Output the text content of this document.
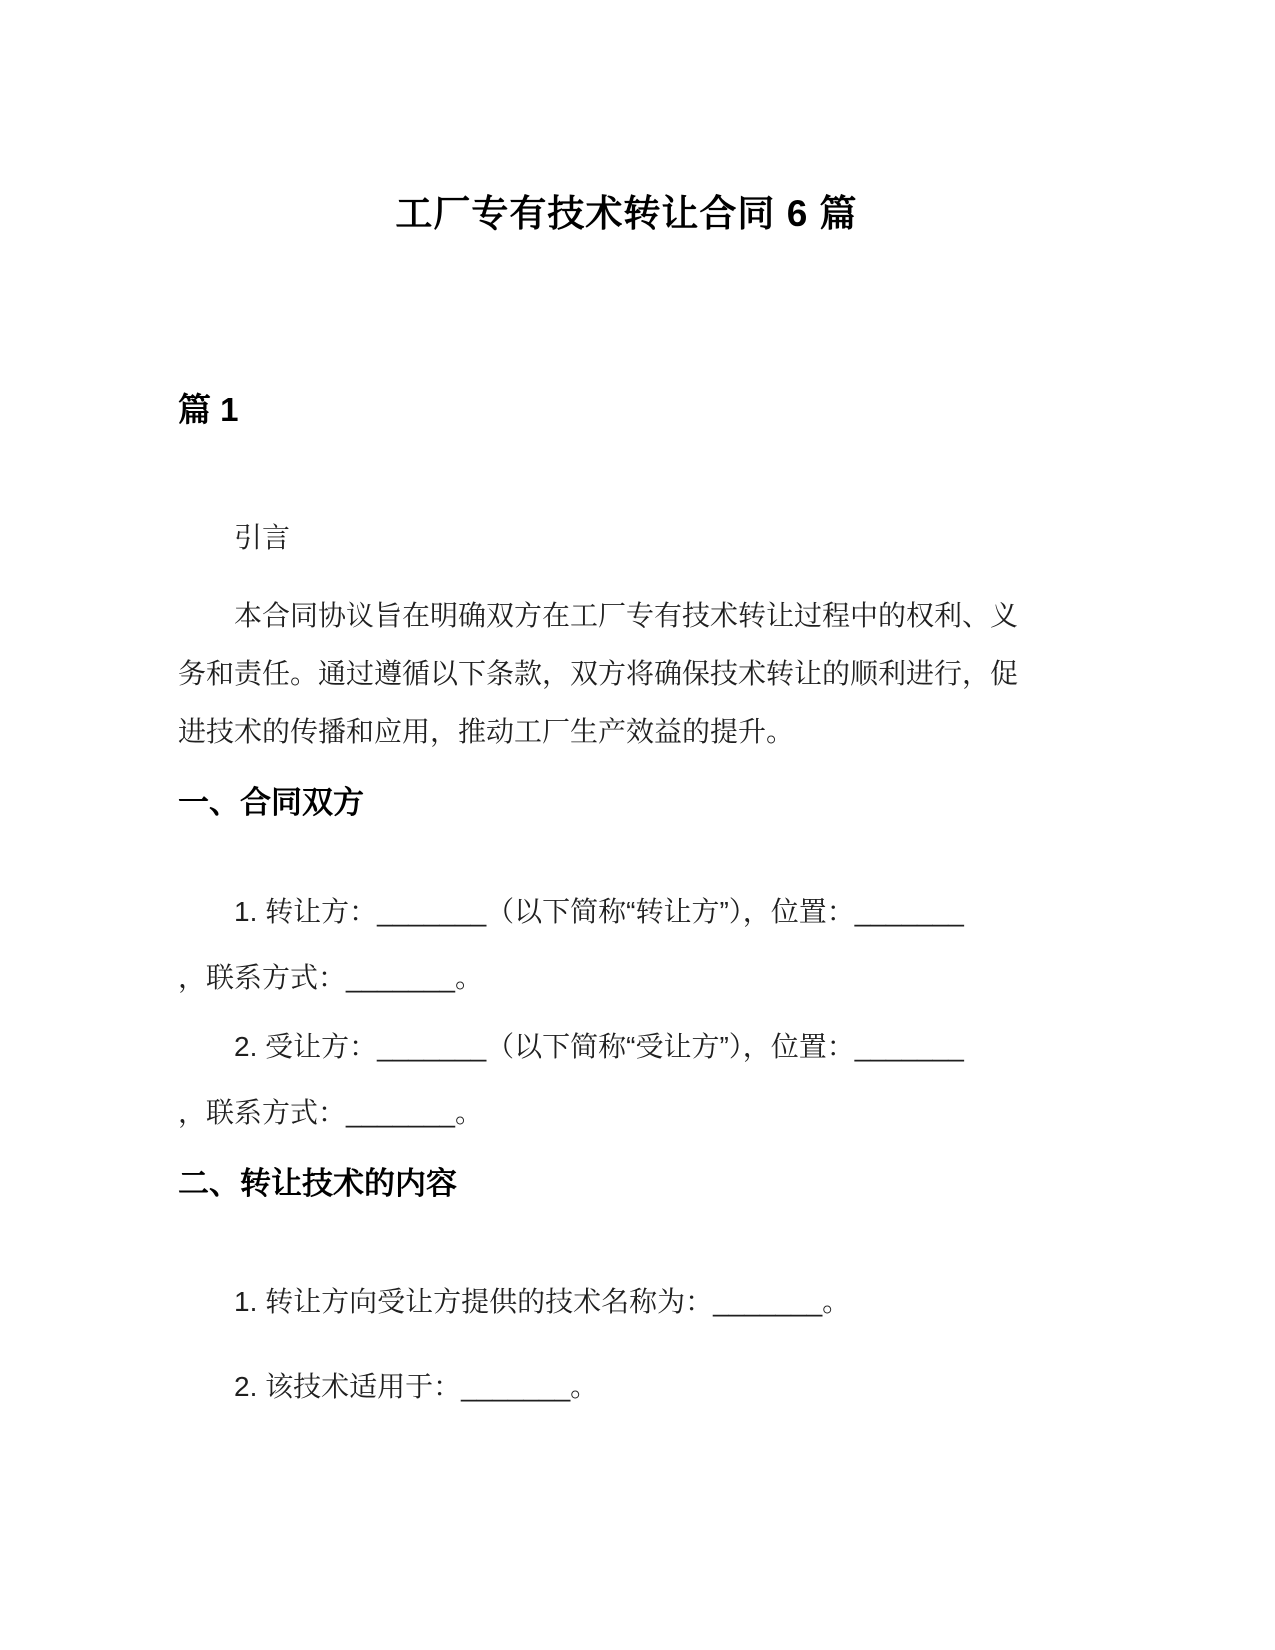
工厂专有技术转让合同 6 篇
篇 1

引言

本合同协议旨在明确双方在工厂专有技术转让过程中的权利、义
务和责任。通过遵循以下条款，双方将确保技术转让的顺利进行，促
进技术的传播和应用，推动工厂生产效益的提升。
一、合同双方
1. 转让方：_______（以下简称“转让方”），位置：_______
，联系方式：_______。
2. 受让方：_______（以下简称“受让方”），位置：_______
，联系方式：_______。
二、转让技术的内容
1. 转让方向受让方提供的技术名称为：_______。
2. 该技术适用于：_______。
